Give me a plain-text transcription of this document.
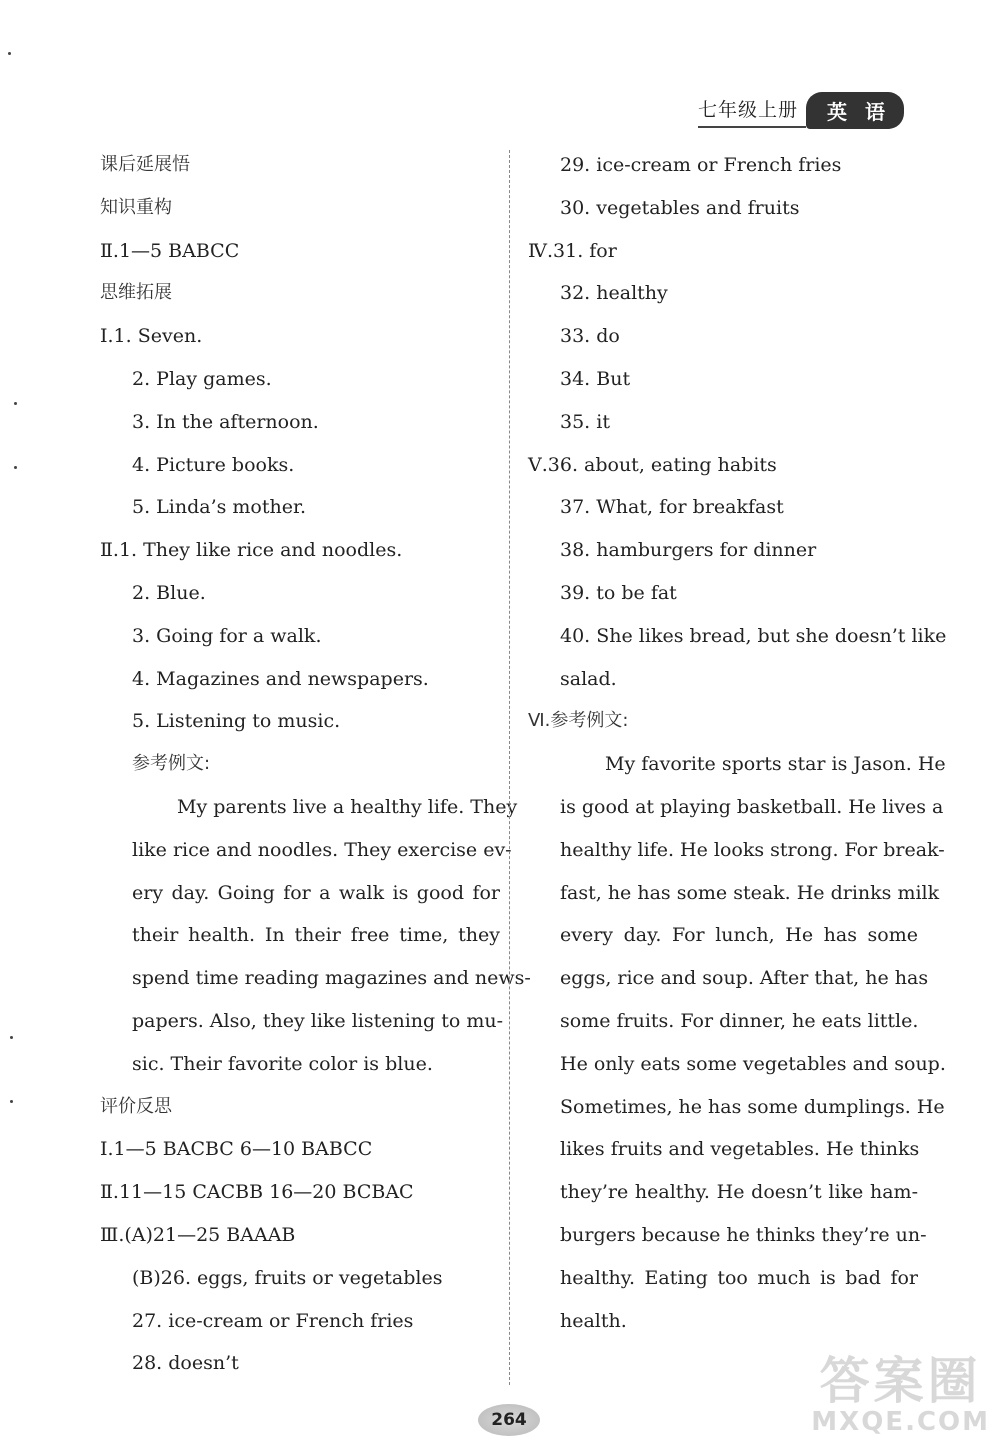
七年级上册	英语
课后延展悟
知识重构
Ⅱ.1—5 BABCC
思维拓展
Ⅰ.1. Seven.
2. Play games.
3. In the afternoon.
4. Picture books.
5. Linda’s mother.
Ⅱ.1. They like rice and noodles.
2. Blue.
3. Going for a walk.
4. Magazines and newspapers.
5. Listening to music.
参考例文:
My parents live a healthy life. They
like rice and noodles. They exercise ev-
ery day. Going for a walk is good for
their health. In their free time, they
spend time reading magazines and news-
papers. Also, they like listening to mu-
sic. Their favorite color is blue.
评价反思
Ⅰ.1—5 BACBC 6—10 BABCC
Ⅱ.11—15 CACBB 16—20 BCBAC
Ⅲ.(A)21—25 BAAAB
(B)26. eggs, fruits or vegetables
27. ice-cream or French fries
28. doesn’t
29. ice-cream or French fries
30. vegetables and fruits
Ⅳ.31. for
32. healthy
33. do
34. But
35. it
Ⅴ.36. about, eating habits
37. What, for breakfast
38. hamburgers for dinner
39. to be fat
40. She likes bread, but she doesn’t like
salad.
Ⅵ.参考例文:
My favorite sports star is Jason. He
is good at playing basketball. He lives a
healthy life. He looks strong. For break-
fast, he has some steak. He drinks milk
every day. For lunch, He has some
eggs, rice and soup. After that, he has
some fruits. For dinner, he eats little.
He only eats some vegetables and soup.
Sometimes, he has some dumplings. He
likes fruits and vegetables. He thinks
they’re healthy. He doesn’t like ham-
burgers because he thinks they’re un-
healthy. Eating too much is bad for
health.
264
答案圈
MXQE.COM
